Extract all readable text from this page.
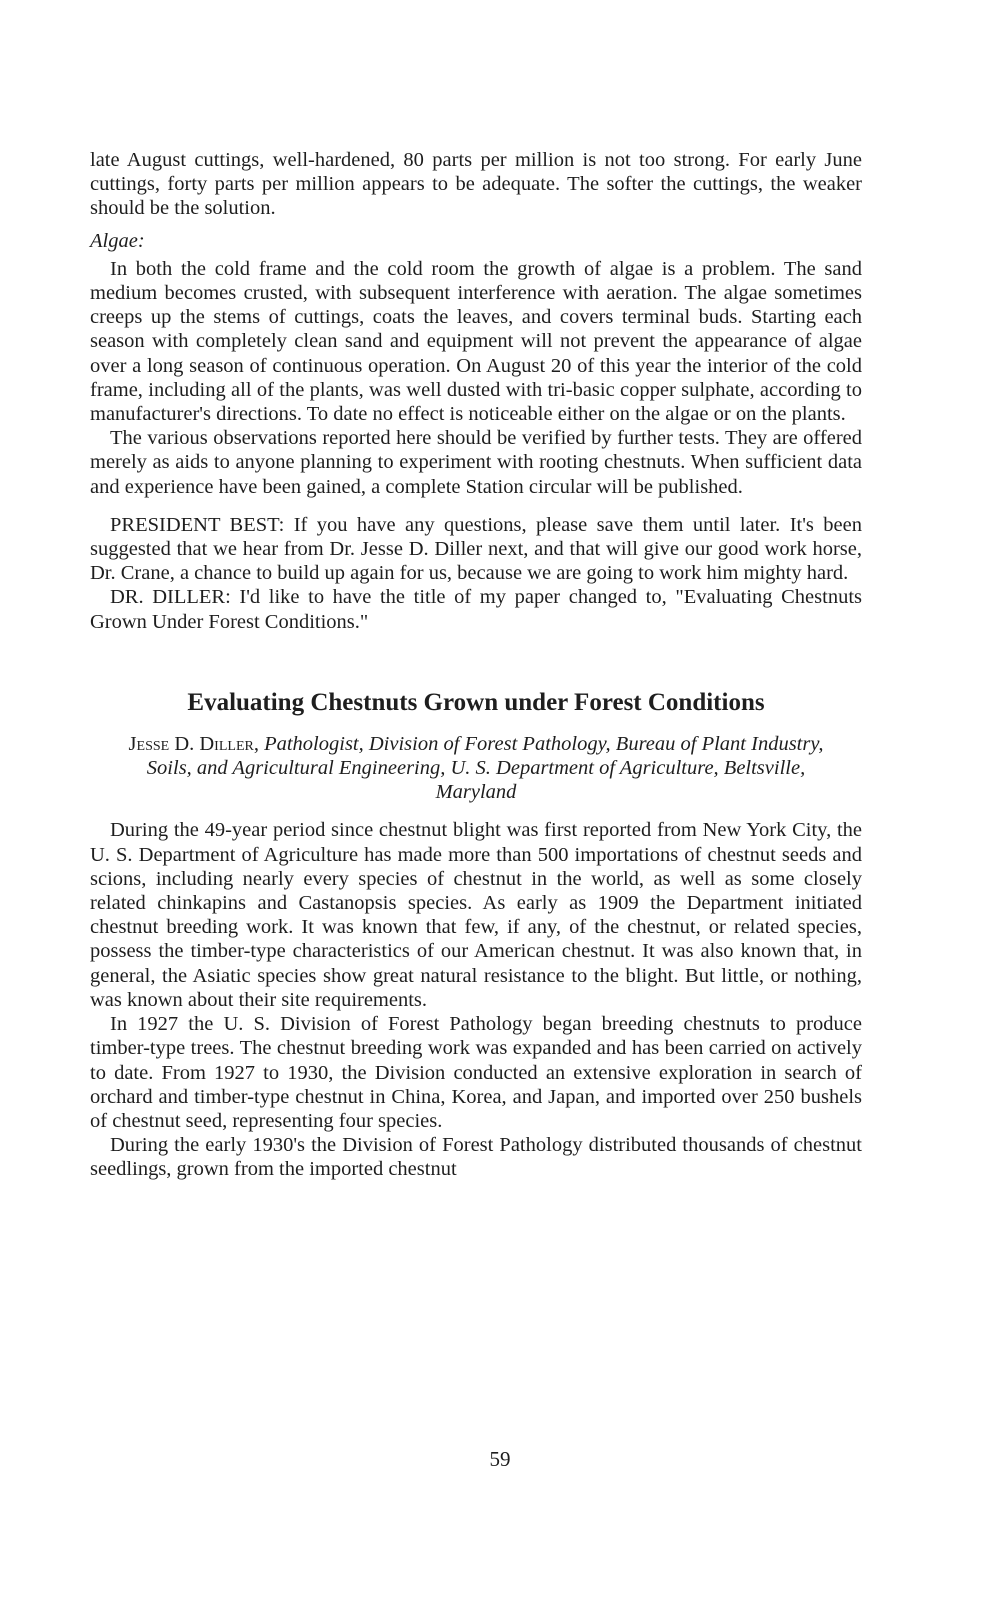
late August cuttings, well-hardened, 80 parts per million is not too strong. For early June cuttings, forty parts per million appears to be adequate. The softer the cuttings, the weaker should be the solution.

Algae:

In both the cold frame and the cold room the growth of algae is a problem. The sand medium becomes crusted, with subsequent interference with aeration. The algae sometimes creeps up the stems of cuttings, coats the leaves, and covers terminal buds. Starting each season with completely clean sand and equipment will not prevent the appearance of algae over a long season of continuous operation. On August 20 of this year the interior of the cold frame, including all of the plants, was well dusted with tri-basic copper sulphate, according to manufacturer's directions. To date no effect is noticeable either on the algae or on the plants.

The various observations reported here should be verified by further tests. They are offered merely as aids to anyone planning to experiment with rooting chestnuts. When sufficient data and experience have been gained, a complete Station circular will be published.

PRESIDENT BEST: If you have any questions, please save them until later. It's been suggested that we hear from Dr. Jesse D. Diller next, and that will give our good work horse, Dr. Crane, a chance to build up again for us, because we are going to work him mighty hard.

DR. DILLER: I'd like to have the title of my paper changed to, "Evaluating Chestnuts Grown Under Forest Conditions."

Evaluating Chestnuts Grown under Forest Conditions

Jesse D. Diller, Pathologist, Division of Forest Pathology, Bureau of Plant Industry, Soils, and Agricultural Engineering, U. S. Department of Agriculture, Beltsville, Maryland

During the 49-year period since chestnut blight was first reported from New York City, the U. S. Department of Agriculture has made more than 500 importations of chestnut seeds and scions, including nearly every species of chestnut in the world, as well as some closely related chinkapins and Castanopsis species. As early as 1909 the Department initiated chestnut breeding work. It was known that few, if any, of the chestnut, or related species, possess the timber-type characteristics of our American chestnut. It was also known that, in general, the Asiatic species show great natural resistance to the blight. But little, or nothing, was known about their site requirements.

In 1927 the U. S. Division of Forest Pathology began breeding chestnuts to produce timber-type trees. The chestnut breeding work was expanded and has been carried on actively to date. From 1927 to 1930, the Division conducted an extensive exploration in search of orchard and timber-type chestnut in China, Korea, and Japan, and imported over 250 bushels of chestnut seed, representing four species.

During the early 1930's the Division of Forest Pathology distributed thousands of chestnut seedlings, grown from the imported chestnut

59
